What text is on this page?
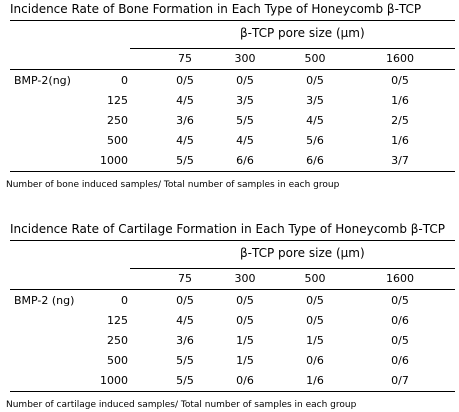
Incidence Rate of Bone Formation in Each Type of Honeycomb β-TCP
β-TCP pore size (μm)
75	300	500	1600
BMP-2(ng)	0	0/5	0/5	0/5	0/5
125	4/5	3/5	3/5	1/6
250	3/6	5/5	4/5	2/5
500	4/5	4/5	5/6	1/6
1000	5/5	6/6	6/6	3/7
Number of bone induced samples/ Total number of samples in each group
Incidence Rate of Cartilage Formation in Each Type of Honeycomb β-TCP
β-TCP pore size (μm)
75	300	500	1600
BMP-2 (ng)	0	0/5	0/5	0/5	0/5
125	4/5	0/5	0/5	0/6
250	3/6	1/5	1/5	0/5
500	5/5	1/5	0/6	0/6
1000	5/5	0/6	1/6	0/7
Number of cartilage induced samples/ Total number of samples in each group
